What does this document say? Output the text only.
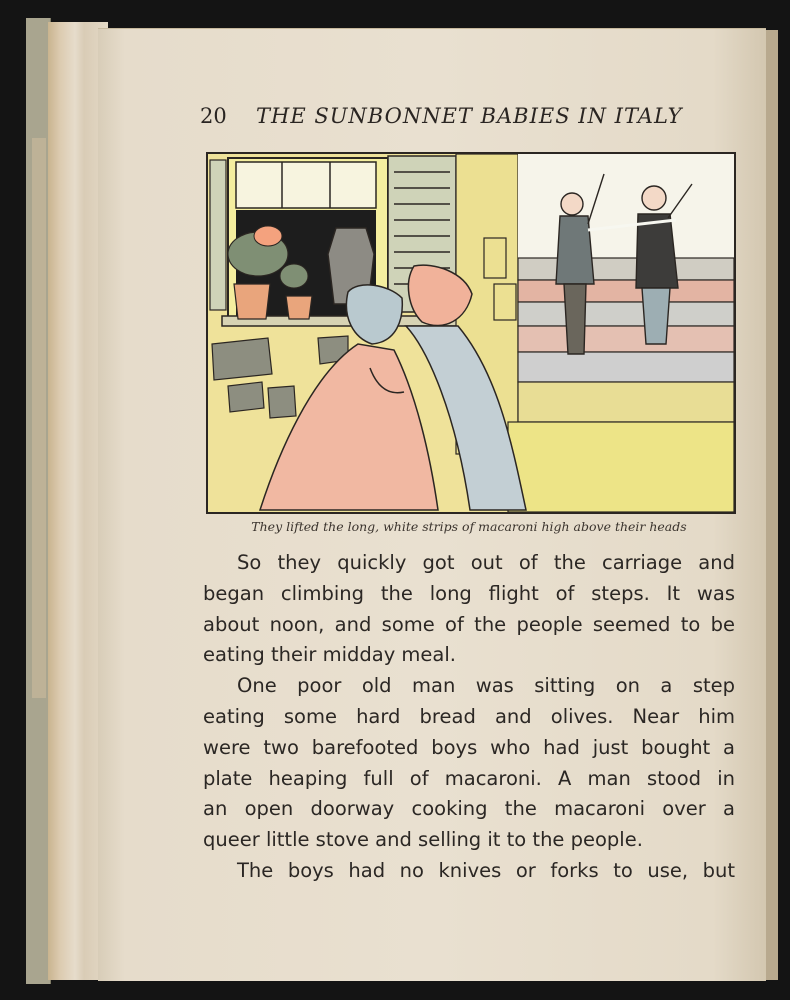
20 THE SUNBONNET BABIES IN ITALY
They lifted the long, white strips of macaroni high above their heads
So they quickly got out of the carriage and
began climbing the long flight of steps. It was
about noon, and some of the people seemed to be
eating their midday meal.
One poor old man was sitting on a step
eating some hard bread and olives. Near him
were two barefooted boys who had just bought a
plate heaping full of macaroni. A man stood in
an open doorway cooking the macaroni over a
queer little stove and selling it to the people.
The boys had no knives or forks to use, but
